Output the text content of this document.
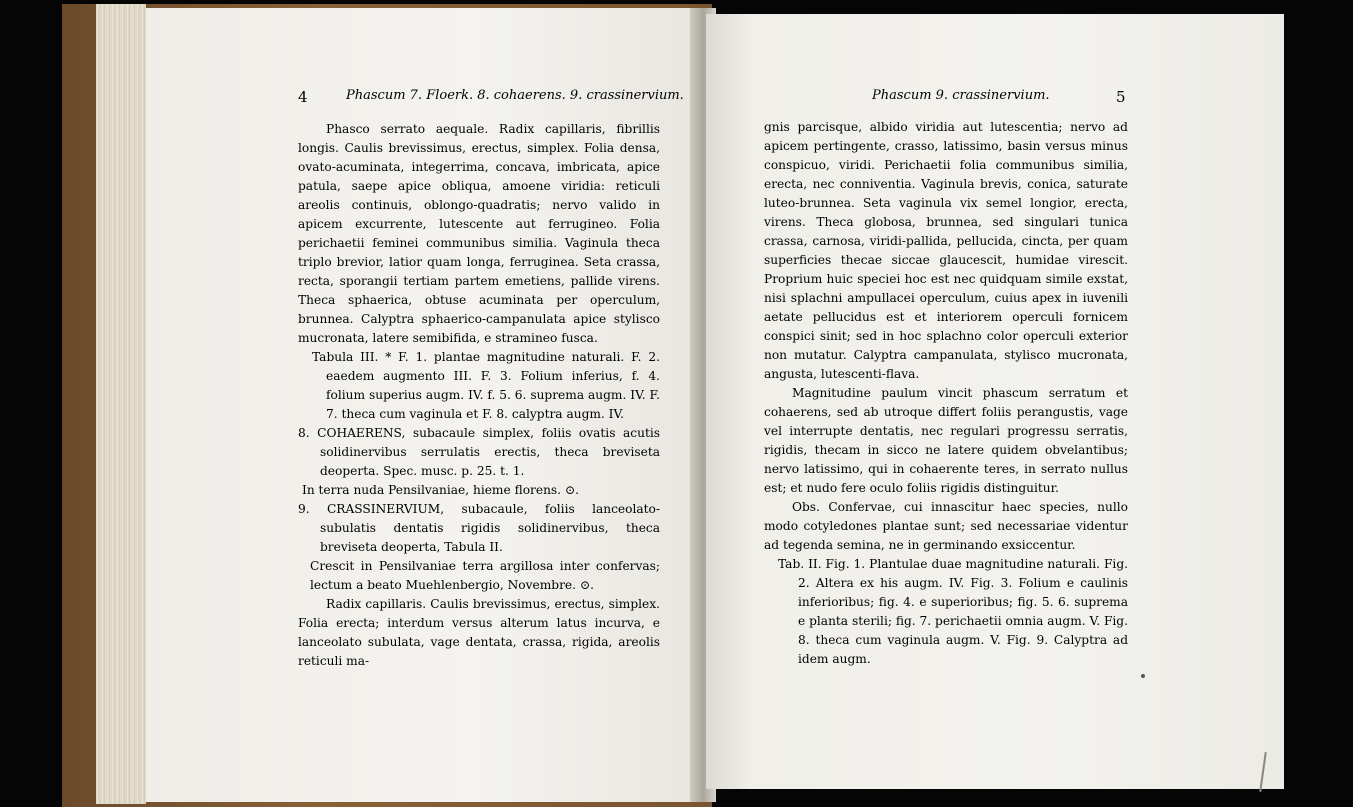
4	Phascum 7. Floerk. 8. cohaerens. 9. crassinervium.

Phasco serrato aequale. Radix capillaris, fibrillis longis. Caulis brevissimus, erectus, simplex. Folia densa, ovato-acuminata, integerrima, concava, imbricata, apice patula, saepe apice obliqua, amoene viridia: reticuli areolis continuis, oblongo-quadratis; nervo valido in apicem excurrente, lutescente aut ferrugineo. Folia perichaetii feminei communibus similia. Vaginula theca triplo brevior, latior quam longa, ferruginea. Seta crassa, recta, sporangii tertiam partem emetiens, pallide virens. Theca sphaerica, obtuse acuminata per operculum, brunnea. Calyptra sphaerico-campanulata apice stylisco mucronata, latere semibifida, e stramineo fusca.

Tabula III. * F. 1. plantae magnitudine naturali. F. 2. eaedem augmento III. F. 3. Folium inferius, f. 4. folium superius augm. IV. f. 5. 6. suprema augm. IV. F. 7. theca cum vaginula et F. 8. calyptra augm. IV.

8. COHAERENS, subacaule simplex, foliis ovatis acutis solidinervibus serrulatis erectis, theca breviseta deoperta. Spec. musc. p. 25. t. 1.

In terra nuda Pensilvaniae, hieme florens. ⊙.

9. CRASSINERVIUM, subacaule, foliis lanceolato-subulatis dentatis rigidis solidinervibus, theca breviseta deoperta, Tabula II.

Crescit in Pensilvaniae terra argillosa inter confervas; lectum a beato Muehlenbergio, Novembre. ⊙.

Radix capillaris. Caulis brevissimus, erectus, simplex. Folia erecta; interdum versus alterum latus incurva, e lanceolato subulata, vage dentata, crassa, rigida, areolis reticuli ma-

Phascum 9. crassinervium.	5

gnis parcisque, albido viridia aut lutescentia; nervo ad apicem pertingente, crasso, latissimo, basin versus minus conspicuo, viridi. Perichaetii folia communibus similia, erecta, nec conniventia. Vaginula brevis, conica, saturate luteo-brunnea. Seta vaginula vix semel longior, erecta, virens. Theca globosa, brunnea, sed singulari tunica crassa, carnosa, viridi-pallida, pellucida, cincta, per quam superficies thecae siccae glaucescit, humidae virescit. Proprium huic speciei hoc est nec quidquam simile exstat, nisi splachni ampullacei operculum, cuius apex in iuvenili aetate pellucidus est et interiorem operculi fornicem conspici sinit; sed in hoc splachno color operculi exterior non mutatur. Calyptra campanulata, stylisco mucronata, angusta, lutescenti-flava.

Magnitudine paulum vincit phascum serratum et cohaerens, sed ab utroque differt foliis perangustis, vage vel interrupte dentatis, nec regulari progressu serratis, rigidis, thecam in sicco ne latere quidem obvelantibus; nervo latissimo, qui in cohaerente teres, in serrato nullus est; et nudo fere oculo foliis rigidis distinguitur.

Obs. Confervae, cui innascitur haec species, nullo modo cotyledones plantae sunt; sed necessariae videntur ad tegenda semina, ne in germinando exsiccentur.

Tab. II. Fig. 1. Plantulae duae magnitudine naturali. Fig. 2. Altera ex his augm. IV. Fig. 3. Folium e caulinis inferioribus; fig. 4. e superioribus; fig. 5. 6. suprema e planta sterili; fig. 7. perichaetii omnia augm. V. Fig. 8. theca cum vaginula augm. V. Fig. 9. Calyptra ad idem augm.
